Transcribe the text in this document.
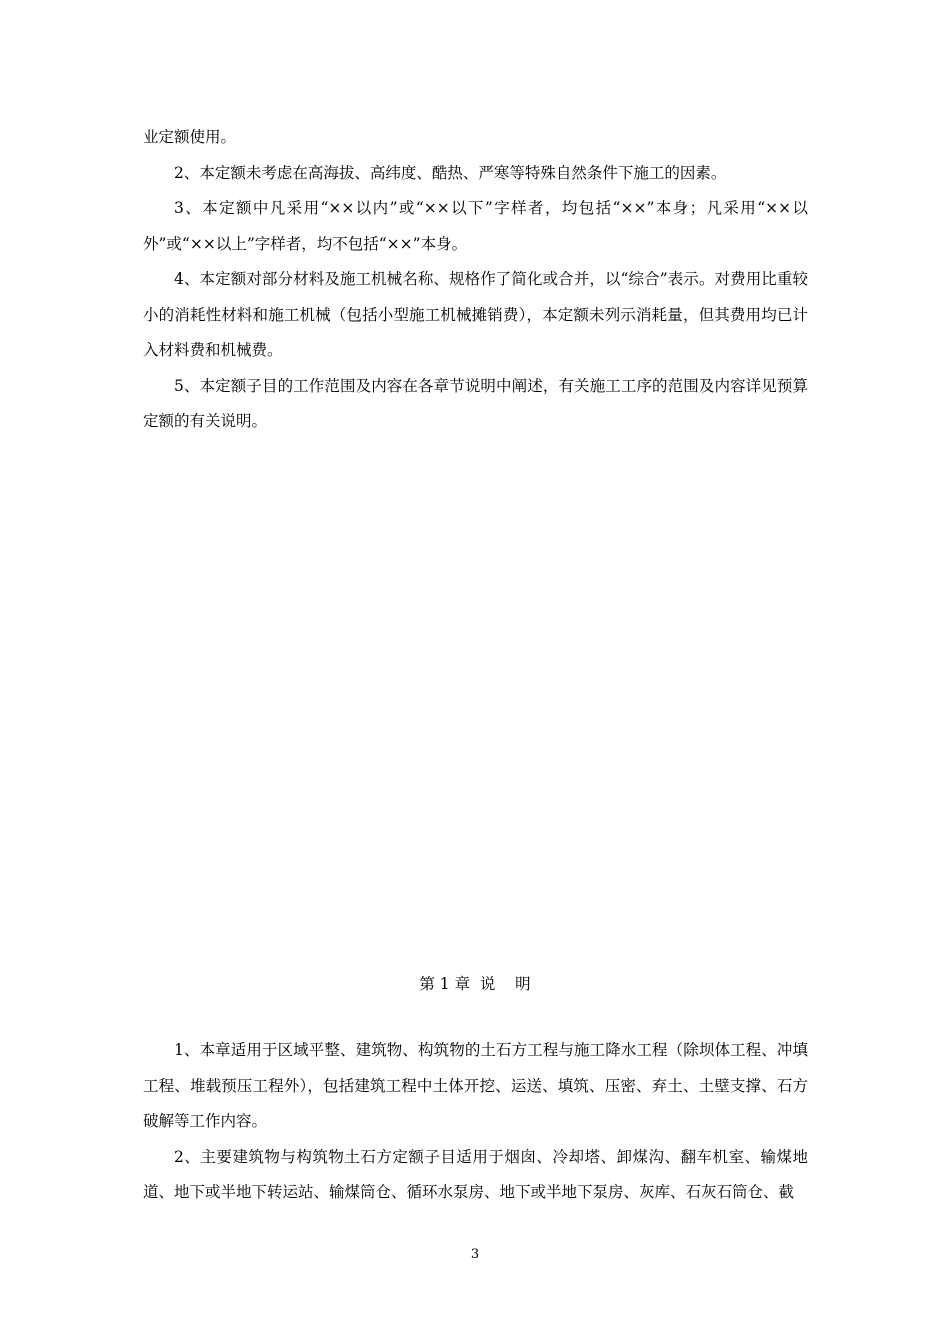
业定额使用。

2、本定额未考虑在高海拔、高纬度、酷热、严寒等特殊自然条件下施工的因素。

3、本定额中凡采用“××以内”或“××以下”字样者，均包括“××”本身；凡采用“××以外”或“××以上”字样者，均不包括“××”本身。

4、本定额对部分材料及施工机械名称、规格作了简化或合并，以“综合”表示。对费用比重较小的消耗性材料和施工机械（包括小型施工机械摊销费），本定额未列示消耗量，但其费用均已计入材料费和机械费。

5、本定额子目的工作范围及内容在各章节说明中阐述，有关施工工序的范围及内容详见预算定额的有关说明。

第 1 章  说    明

1、本章适用于区域平整、建筑物、构筑物的土石方工程与施工降水工程（除坝体工程、冲填工程、堆载预压工程外），包括建筑工程中土体开挖、运送、填筑、压密、弃土、土壁支撑、石方破解等工作内容。

2、主要建筑物与构筑物土石方定额子目适用于烟囱、冷却塔、卸煤沟、翻车机室、输煤地道、地下或半地下转运站、输煤筒仓、循环水泵房、地下或半地下泵房、灰库、石灰石筒仓、截

3
